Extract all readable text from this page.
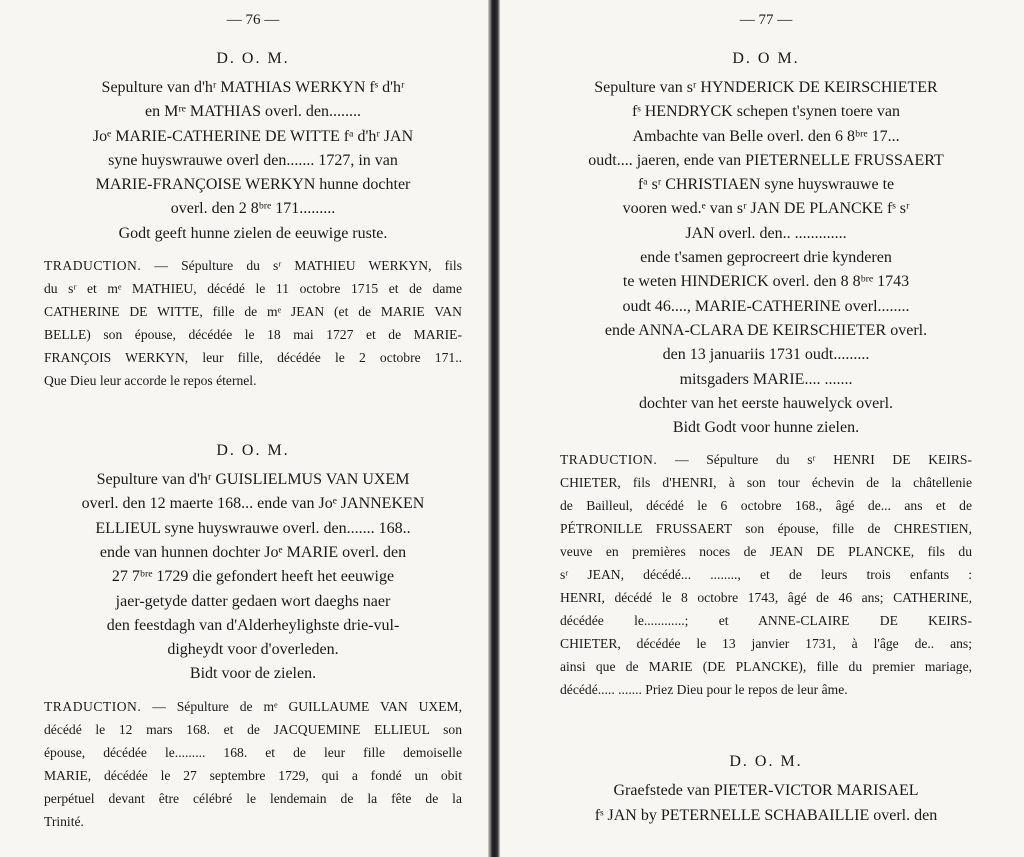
— 76 —
D. O. M.
Sepulture van d'hʳ MATHIAS WERKYN fˢ d'hʳ
en Mʳᵉ MATHIAS overl. den........
Joᵉ MARIE-CATHERINE DE WITTE fᵃ d'hʳ JAN
syne huyswrauwe overl den....... 1727, in van
MARIE-FRANÇOISE WERKYN hunne dochter
overl. den 2 8ᵇʳᵉ 171.........
Godt geeft hunne zielen de eeuwige ruste.
TRADUCTION. — Sépulture du sʳ MATHIEU WERKYN, fils
du sʳ et mᵉ MATHIEU, décédé le 11 octobre 1715 et de dame
CATHERINE DE WITTE, fille de mᵉ JEAN (et de MARIE VAN
BELLE) son épouse, décédée le 18 mai 1727 et de MARIE-
FRANÇOIS WERKYN, leur fille, décédée le 2 octobre 171..
Que Dieu leur accorde le repos éternel.
D. O. M.
Sepulture van d'hʳ GUISLIELMUS VAN UXEM
overl. den 12 maerte 168... ende van Joᵉ JANNEKEN
ELLIEUL syne huyswrauwe overl. den....... 168..
ende van hunnen dochter Joᵉ MARIE overl. den
27 7ᵇʳᵉ 1729 die gefondert heeft het eeuwige
jaer-getyde datter gedaen wort daeghs naer
den feestdagh van d'Alderheylighste drie-vul-
digheydt voor d'overleden.
Bidt voor de zielen.
TRADUCTION. — Sépulture de mᵉ GUILLAUME VAN UXEM,
décédé le 12 mars 168. et de JACQUEMINE ELLIEUL son
épouse, décédée le......... 168. et de leur fille demoiselle
MARIE, décédée le 27 septembre 1729, qui a fondé un obit
perpétuel devant être célébré le lendemain de la fête de la
Trinité.
— 77 —
D. O M.
Sepulture van sʳ HYNDERICK DE KEIRSCHIETER
fˢ HENDRYCK schepen t'synen toere van
Ambachte van Belle overl. den 6 8ᵇʳᵉ 17...
oudt.... jaeren, ende van PIETERNELLE FRUSSAERT
fᵃ sʳ CHRISTIAEN syne huyswrauwe te
vooren wed.ᵉ van sʳ JAN DE PLANCKE fˢ sʳ
JAN overl. den.. .............
ende t'samen geprocreert drie kynderen
te weten HINDERICK overl. den 8 8ᵇʳᵉ 1743
oudt 46...., MARIE-CATHERINE overl........
ende ANNA-CLARA DE KEIRSCHIETER overl.
den 13 januariis 1731 oudt.........
mitsgaders MARIE.... .......
dochter van het eerste hauwelyck overl.
Bidt Godt voor hunne zielen.
TRADUCTION. — Sépulture du sʳ HENRI DE KEIRS-
CHIETER, fils d'HENRI, à son tour échevin de la châtellenie
de Bailleul, décédé le 6 octobre 168., âgé de... ans et de
PÉTRONILLE FRUSSAERT son épouse, fille de CHRESTIEN,
veuve en premières noces de JEAN DE PLANCKE, fils du
sʳ JEAN, décédé... ........, et de leurs trois enfants :
HENRI, décédé le 8 octobre 1743, âgé de 46 ans; CATHERINE,
décédée le............; et ANNE-CLAIRE DE KEIRS-
CHIETER, décédée le 13 janvier 1731, à l'âge de.. ans;
ainsi que de MARIE (DE PLANCKE), fille du premier mariage,
décédé..... ....... Priez Dieu pour le repos de leur âme.
D. O. M.
Graefstede van PIETER-VICTOR MARISAEL
fˢ JAN by PETERNELLE SCHABAILLIE overl. den
